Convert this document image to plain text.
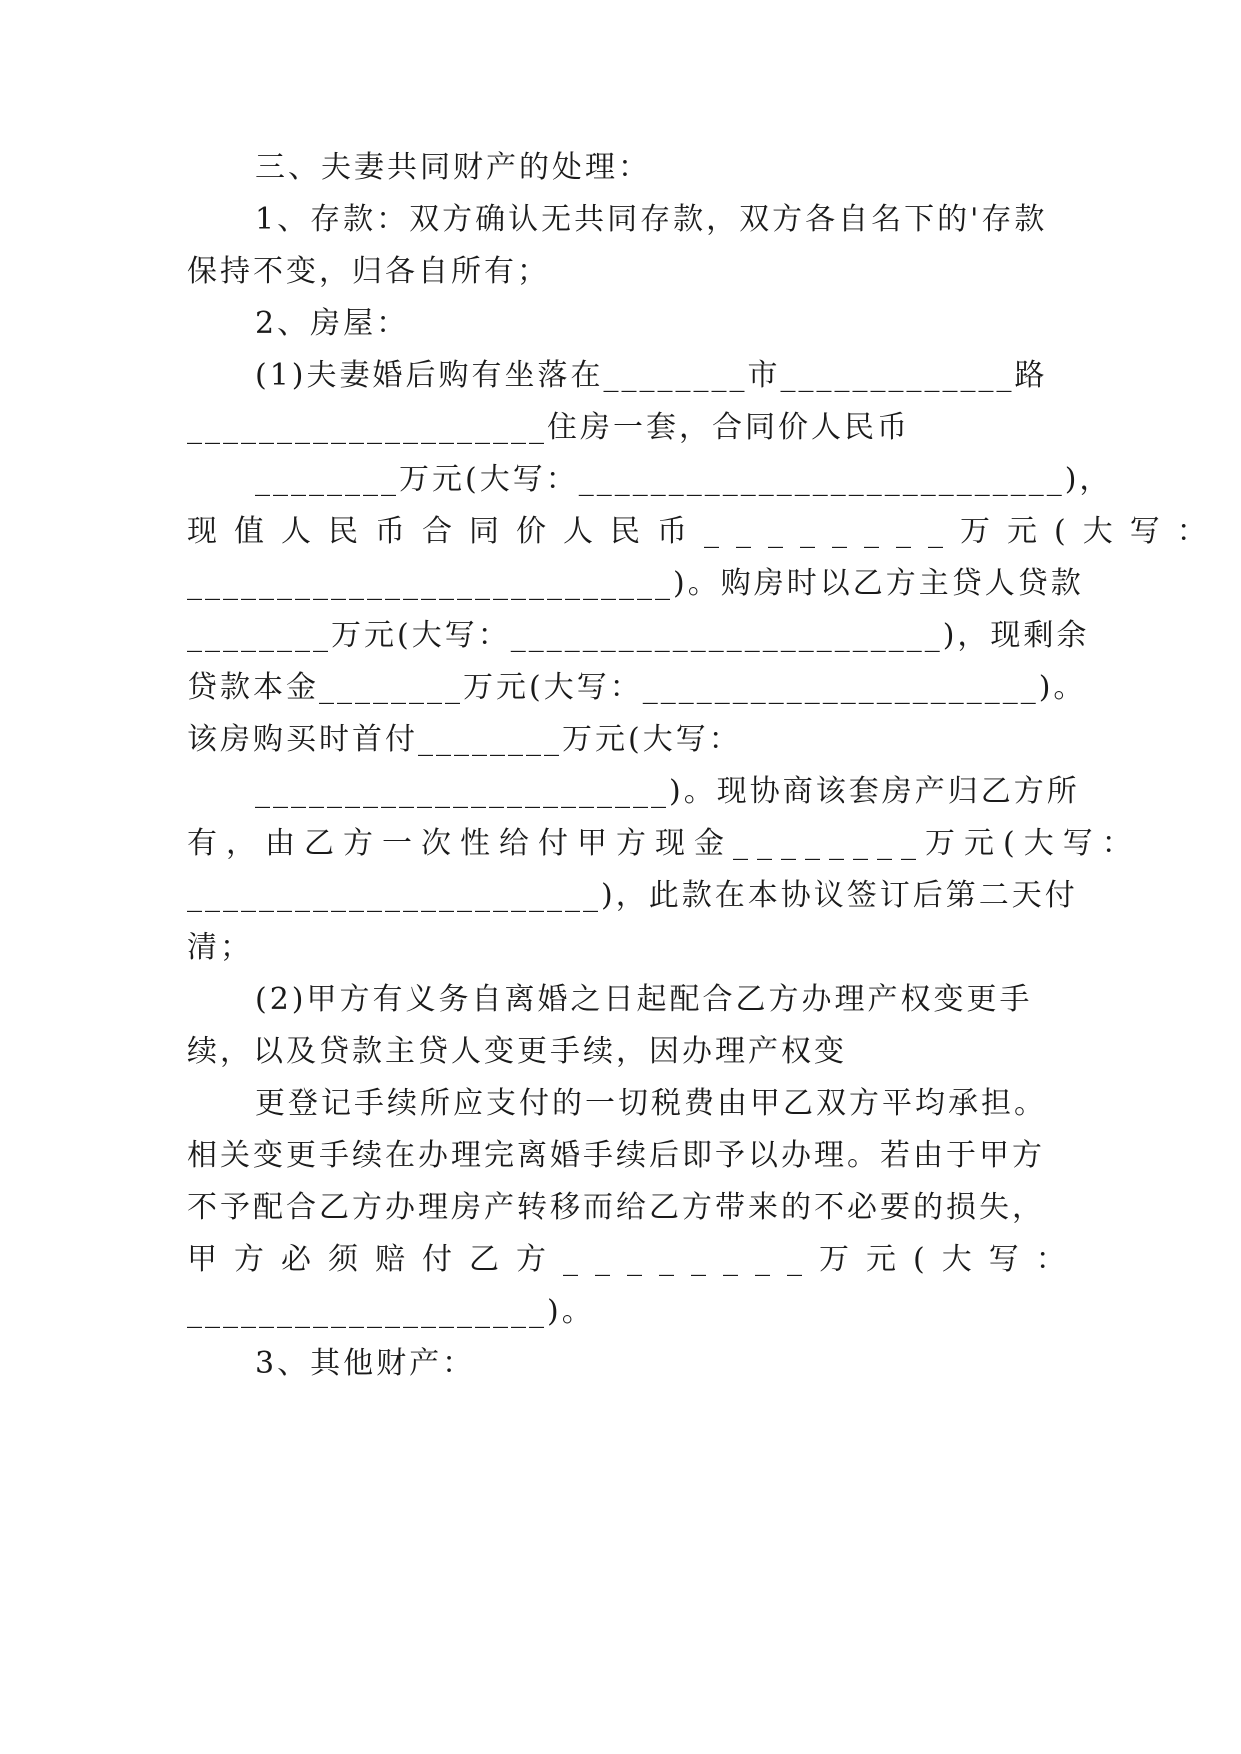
三、夫妻共同财产的处理：
1、存款：双方确认无共同存款，双方各自名下的'存款
保持不变，归各自所有；
2、房屋：
(1)夫妻婚后购有坐落在________市_____________路
____________________住房一套，合同价人民币
________万元(大写：___________________________)，
现值人民币合同价人民币________万元(大写：
___________________________)。购房时以乙方主贷人贷款
________万元(大写：________________________)，现剩余
贷款本金________万元(大写：______________________)。
该房购买时首付________万元(大写：
_______________________)。现协商该套房产归乙方所
有，由乙方一次性给付甲方现金________万元(大写：
_______________________)，此款在本协议签订后第二天付
清；
(2)甲方有义务自离婚之日起配合乙方办理产权变更手
续，以及贷款主贷人变更手续，因办理产权变
更登记手续所应支付的一切税费由甲乙双方平均承担。
相关变更手续在办理完离婚手续后即予以办理。若由于甲方
不予配合乙方办理房产转移而给乙方带来的不必要的损失，
甲方必须赔付乙方________万元(大写：
____________________)。
3、其他财产：
